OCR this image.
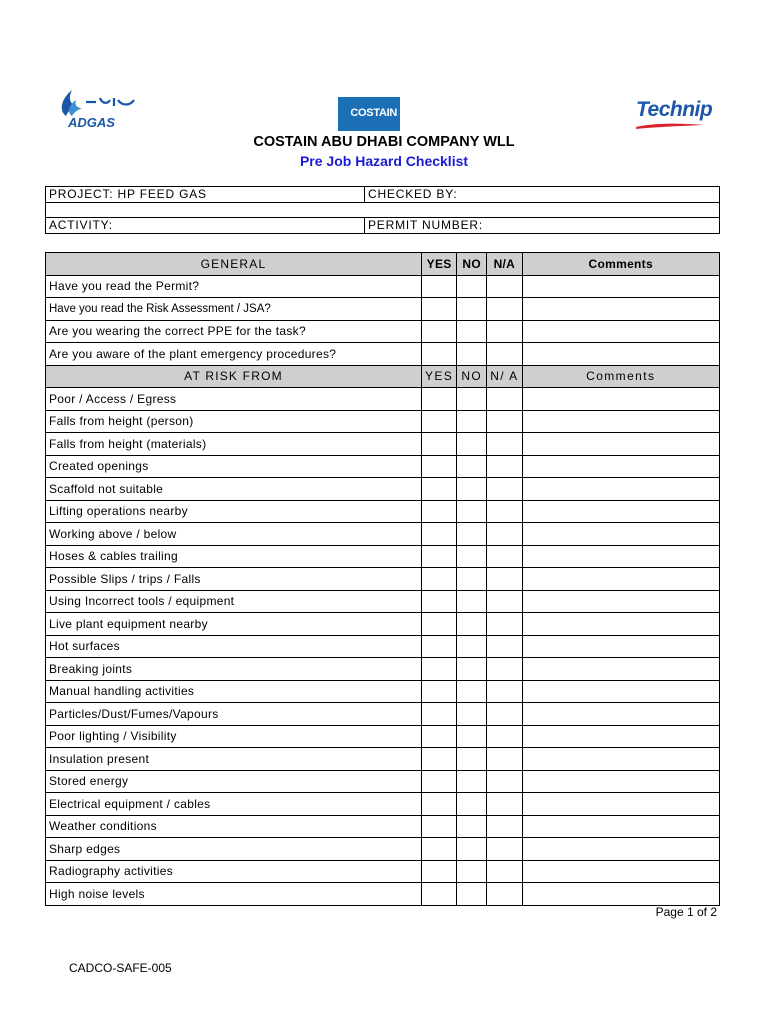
ADGAS
COSTAIN	Technip
COSTAIN ABU DHABI COMPANY WLL
Pre Job Hazard Checklist
PROJECT: HP FEED GAS	CHECKED BY:

ACTIVITY:	PERMIT NUMBER:
GENERAL	YES	NO	N/A	Comments
Have you read the Permit?				
Have you read the Risk Assessment / JSA?				
Are you wearing the correct PPE for the task?				
Are you aware of the plant emergency procedures?				
AT RISK FROM	YES	NO	N/ A	Comments
Poor / Access / Egress				
Falls from height (person)				
Falls from height (materials)				
Created openings				
Scaffold not suitable				
Lifting operations nearby				
Working above / below				
Hoses & cables trailing				
Possible Slips / trips / Falls				
Using Incorrect tools / equipment				
Live plant equipment nearby				
Hot surfaces				
Breaking joints				
Manual handling activities				
Particles/Dust/Fumes/Vapours				
Poor lighting / Visibility				
Insulation present				
Stored energy				
Electrical equipment / cables				
Weather conditions				
Sharp edges				
Radiography activities				
High noise levels				
Page 1 of 2
CADCO-SAFE-005
